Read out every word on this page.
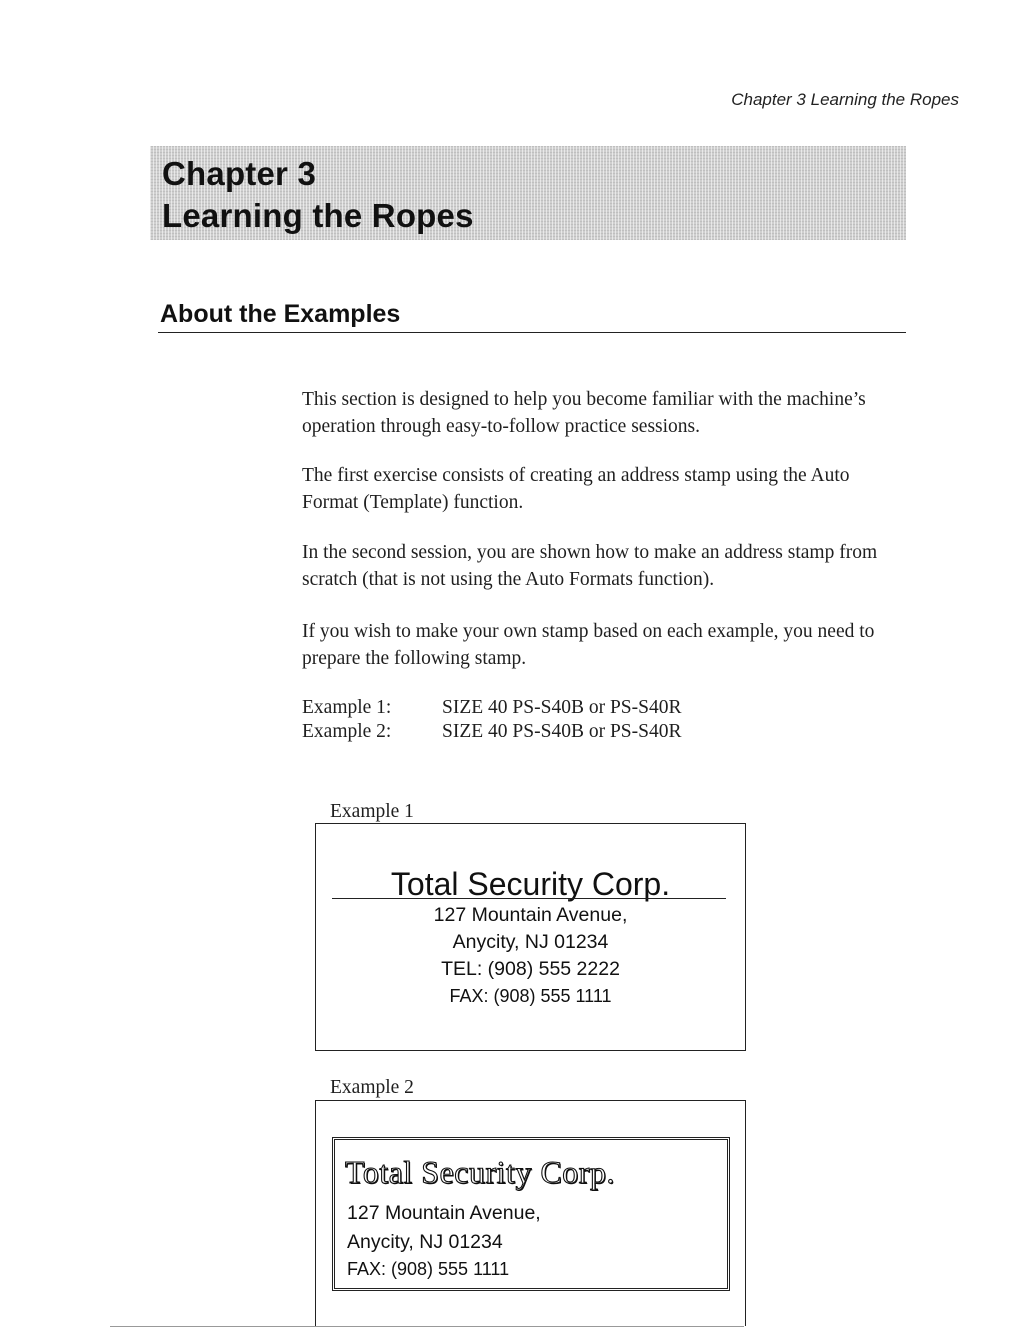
Chapter 3 Learning the Ropes
Chapter 3
Learning the Ropes
About the Examples

This section is designed to help you become familiar with the machine’s operation through easy-to-follow practice sessions.

The first exercise consists of creating an address stamp using the Auto Format (Template) function.

In the second session, you are shown how to make an address stamp from scratch (that is not using the Auto Formats function).

If you wish to make your own stamp based on each example, you need to prepare the following stamp.

Example 1:	SIZE 40 PS-S40B or PS-S40R
Example 2:	SIZE 40 PS-S40B or PS-S40R
Example 1
Total Security Corp.
127 Mountain Avenue,
Anycity, NJ 01234
TEL: (908) 555 2222
FAX: (908) 555 1111
Example 2
Total Security Corp.
127 Mountain Avenue,
Anycity, NJ 01234
FAX: (908) 555 1111
